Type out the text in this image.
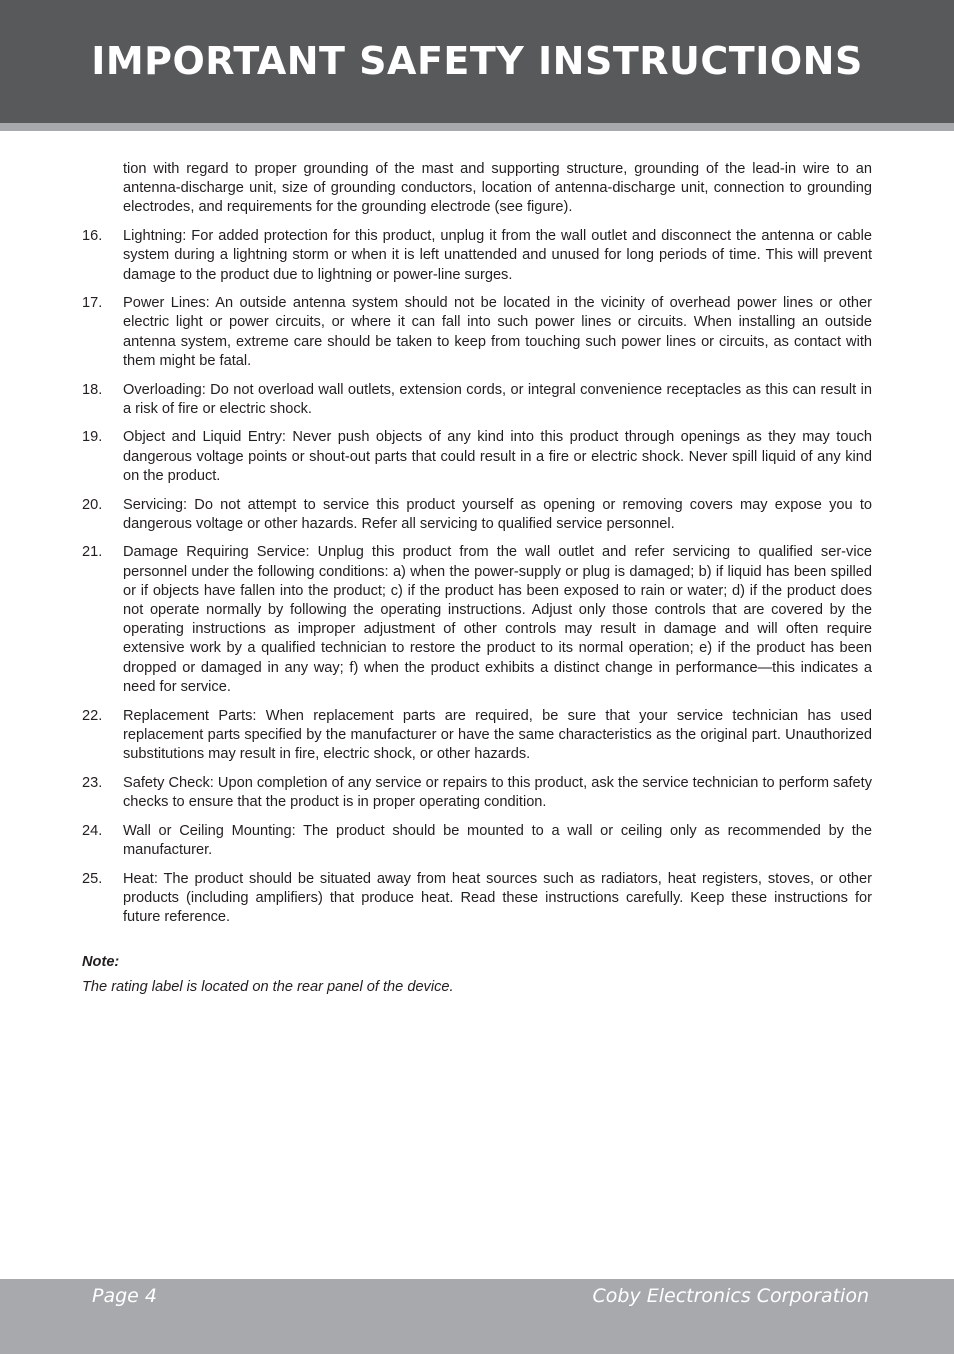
IMPORTANT SAFETY INSTRUCTIONS
tion with regard to proper grounding of the mast and supporting structure, grounding of the lead-in wire to an antenna-discharge unit, size of grounding conductors, location of antenna-discharge unit, connection to grounding electrodes, and requirements for the grounding electrode (see figure).
16.	Lightning: For added protection for this product, unplug it from the wall outlet and disconnect the antenna or cable system during a lightning storm or when it is left unattended and unused for long periods of time. This will prevent damage to the product due to lightning or power-line surges.
17.	Power Lines: An outside antenna system should not be located in the vicinity of overhead power lines or other electric light or power circuits, or where it can fall into such power lines or circuits. When installing an outside antenna system, extreme care should be taken to keep from touching such power lines or circuits, as contact with them might be fatal.
18.	Overloading: Do not overload wall outlets, extension cords, or integral convenience receptacles as this can result in a risk of fire or electric shock.
19.	Object and Liquid Entry: Never push objects of any kind into this product through openings as they may touch dangerous voltage points or shout-out parts that could result in a fire or electric shock. Never spill liquid of any kind on the product.
20.	Servicing: Do not attempt to service this product yourself as opening or removing covers may expose you to dangerous voltage or other hazards. Refer all servicing to qualified service personnel.
21.	Damage Requiring Service: Unplug this product from the wall outlet and refer servicing to qualified ser-vice personnel under the following conditions: a) when the power-supply or plug is damaged; b) if liquid has been spilled or if objects have fallen into the product; c) if the product has been exposed to rain or water; d) if the product does not operate normally by following the operating instructions. Adjust only those controls that are covered by the operating instructions as improper adjustment of other controls may result in damage and will often require extensive work by a qualified technician to restore the product to its normal operation; e) if the product has been dropped or damaged in any way; f) when the product exhibits a distinct change in performance—this indicates a need for service.
22.	Replacement Parts: When replacement parts are required, be sure that your service technician has used replacement parts specified by the manufacturer or have the same characteristics as the original part. Unauthorized substitutions may result in fire, electric shock, or other hazards.
23.	Safety Check: Upon completion of any service or repairs to this product, ask the service technician to perform safety checks to ensure that the product is in proper operating condition.
24.	Wall or Ceiling Mounting: The product should be mounted to a wall or ceiling only as recommended by the manufacturer.
25.	Heat: The product should be situated away from heat sources such as radiators, heat registers, stoves, or other products (including amplifiers) that produce heat. Read these instructions carefully. Keep these instructions for future reference.
Note:
The rating label is located on the rear panel of the device.
Page 4	Coby Electronics Corporation
